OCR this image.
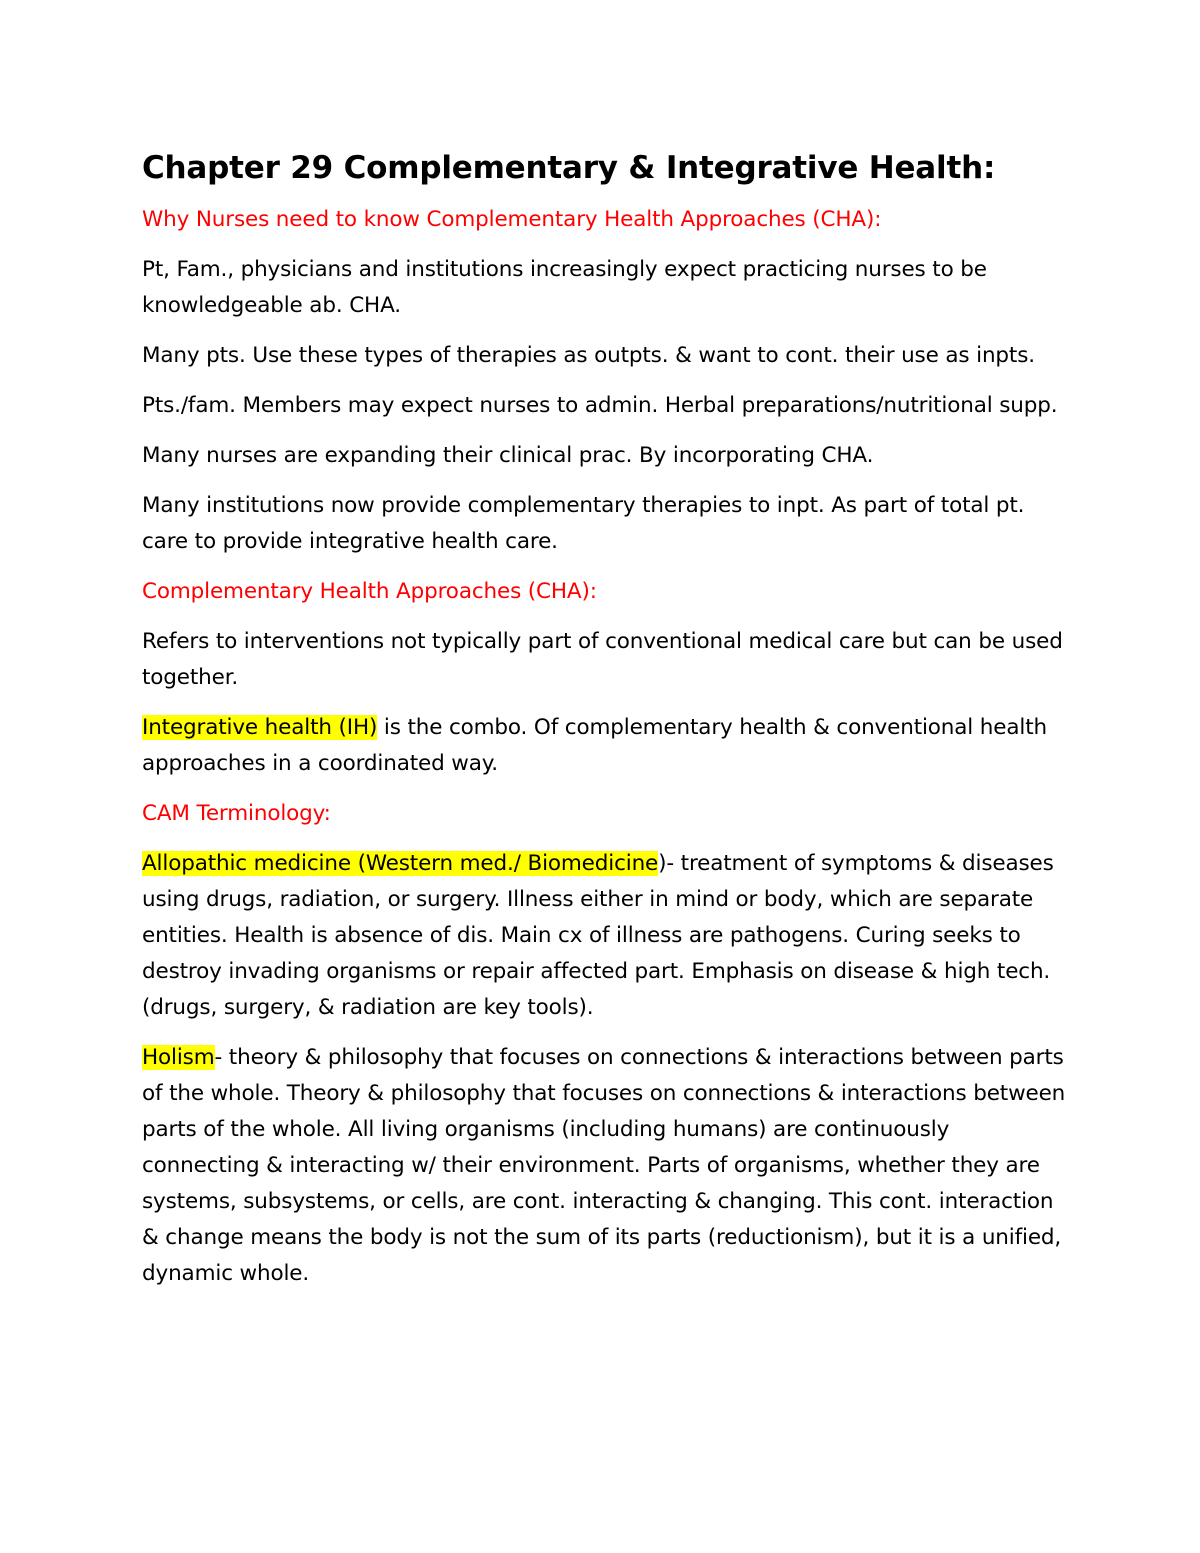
Chapter 29 Complementary & Integrative Health:

Why Nurses need to know Complementary Health Approaches (CHA):

Pt, Fam., physicians and institutions increasingly expect practicing nurses to be knowledgeable ab. CHA.

Many pts. Use these types of therapies as outpts. & want to cont. their use as inpts.

Pts./fam. Members may expect nurses to admin. Herbal preparations/nutritional supp.

Many nurses are expanding their clinical prac. By incorporating CHA.

Many institutions now provide complementary therapies to inpt. As part of total pt. care to provide integrative health care.

Complementary Health Approaches (CHA):

Refers to interventions not typically part of conventional medical care but can be used together.

Integrative health (IH) is the combo. Of complementary health & conventional health approaches in a coordinated way.

CAM Terminology:

Allopathic medicine (Western med./ Biomedicine)- treatment of symptoms & diseases using drugs, radiation, or surgery. Illness either in mind or body, which are separate entities. Health is absence of dis. Main cx of illness are pathogens. Curing seeks to destroy invading organisms or repair affected part. Emphasis on disease & high tech. (drugs, surgery, & radiation are key tools).

Holism- theory & philosophy that focuses on connections & interactions between parts of the whole. Theory & philosophy that focuses on connections & interactions between parts of the whole. All living organisms (including humans) are continuously connecting & interacting w/ their environment. Parts of organisms, whether they are systems, subsystems, or cells, are cont. interacting & changing. This cont. interaction & change means the body is not the sum of its parts (reductionism), but it is a unified, dynamic whole.
